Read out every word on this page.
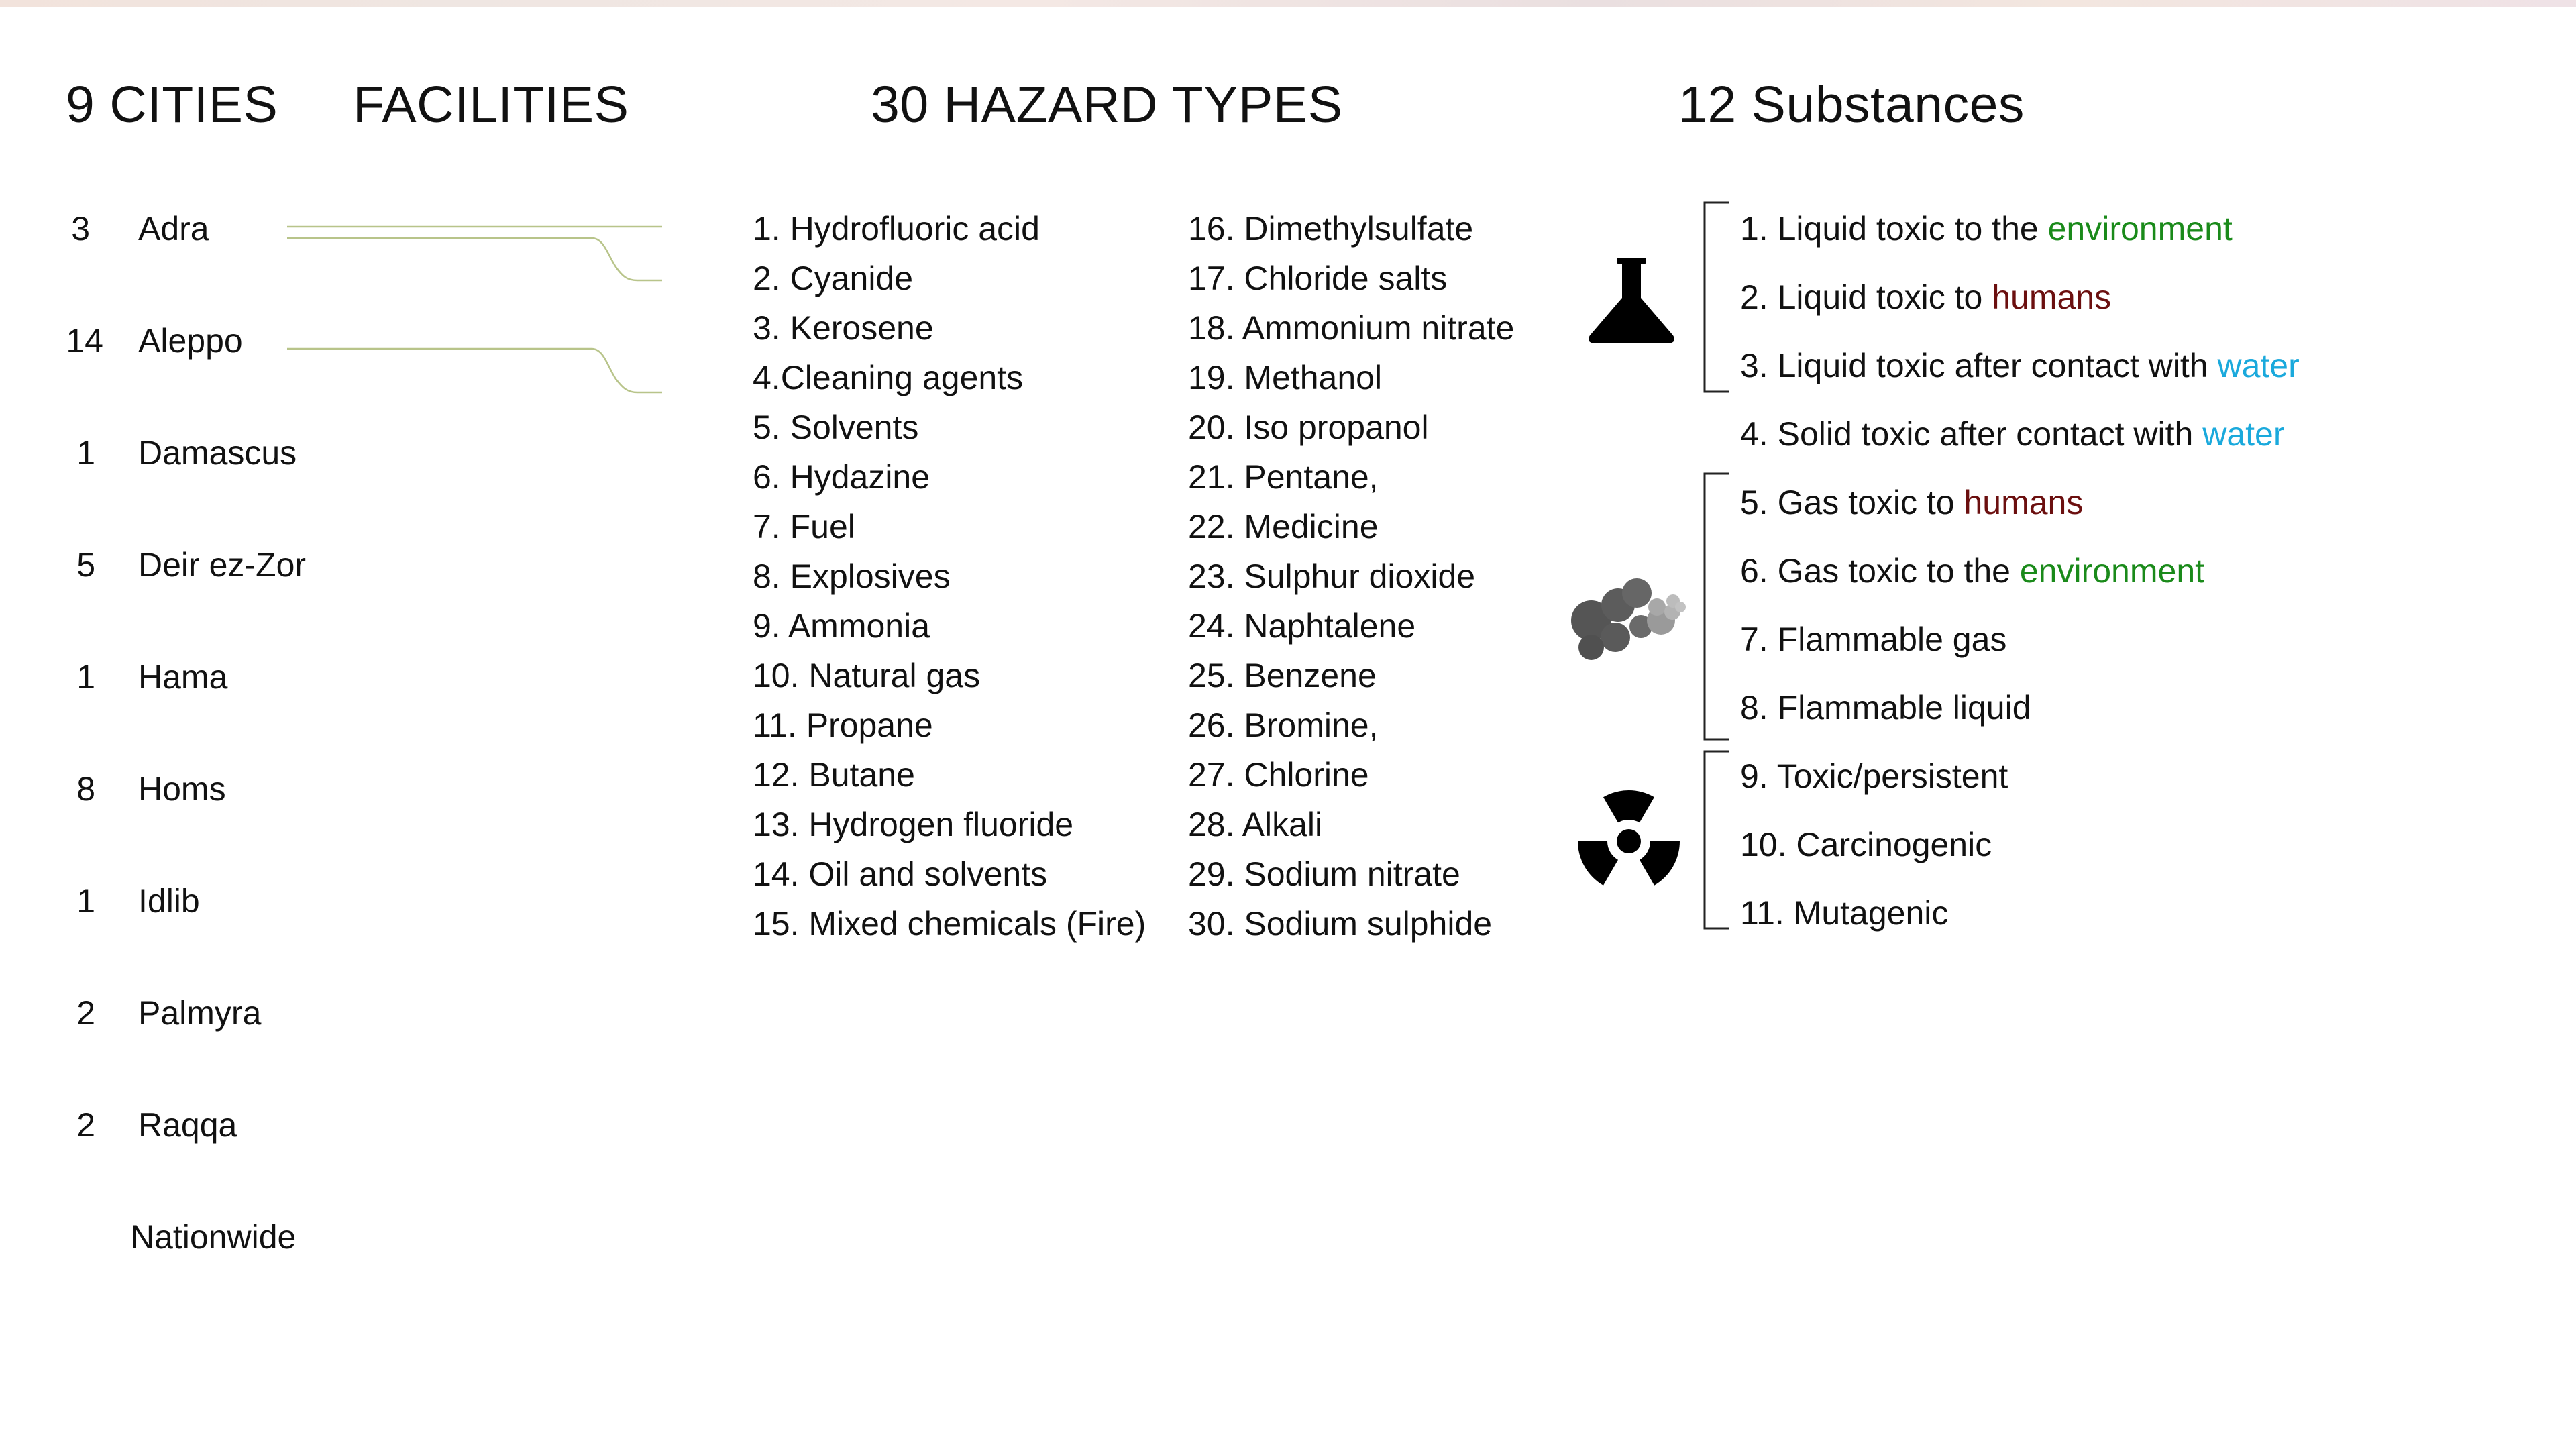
9 CITIES FACILITIES	30 HAZARD TYPES	12 Substances
3 Adra
14 Aleppo
1 Damascus
5 Deir ez-Zor
1 Hama
8 Homs
1 Idlib
2 Palmyra
2 Raqqa
Nationwide
1. Hydrofluoric acid
2. Cyanide
3. Kerosene
4.Cleaning agents
5. Solvents
6. Hydazine
7. Fuel
8. Explosives
9. Ammonia
10. Natural gas
11. Propane
12. Butane
13. Hydrogen fluoride
14. Oil and solvents
15. Mixed chemicals (Fire)
16. Dimethylsulfate
17. Chloride salts
18. Ammonium nitrate
19. Methanol
20. Iso propanol
21. Pentane,
22. Medicine
23. Sulphur dioxide
24. Naphtalene
25. Benzene
26. Bromine,
27. Chlorine
28. Alkali
29. Sodium nitrate
30. Sodium sulphide
1. Liquid toxic to the environment
2. Liquid toxic to humans
3. Liquid toxic after contact with water
4. Solid toxic after contact with water
5. Gas toxic to humans
6. Gas toxic to the environment
7. Flammable gas
8. Flammable liquid
9. Toxic/persistent
10. Carcinogenic
11. Mutagenic
